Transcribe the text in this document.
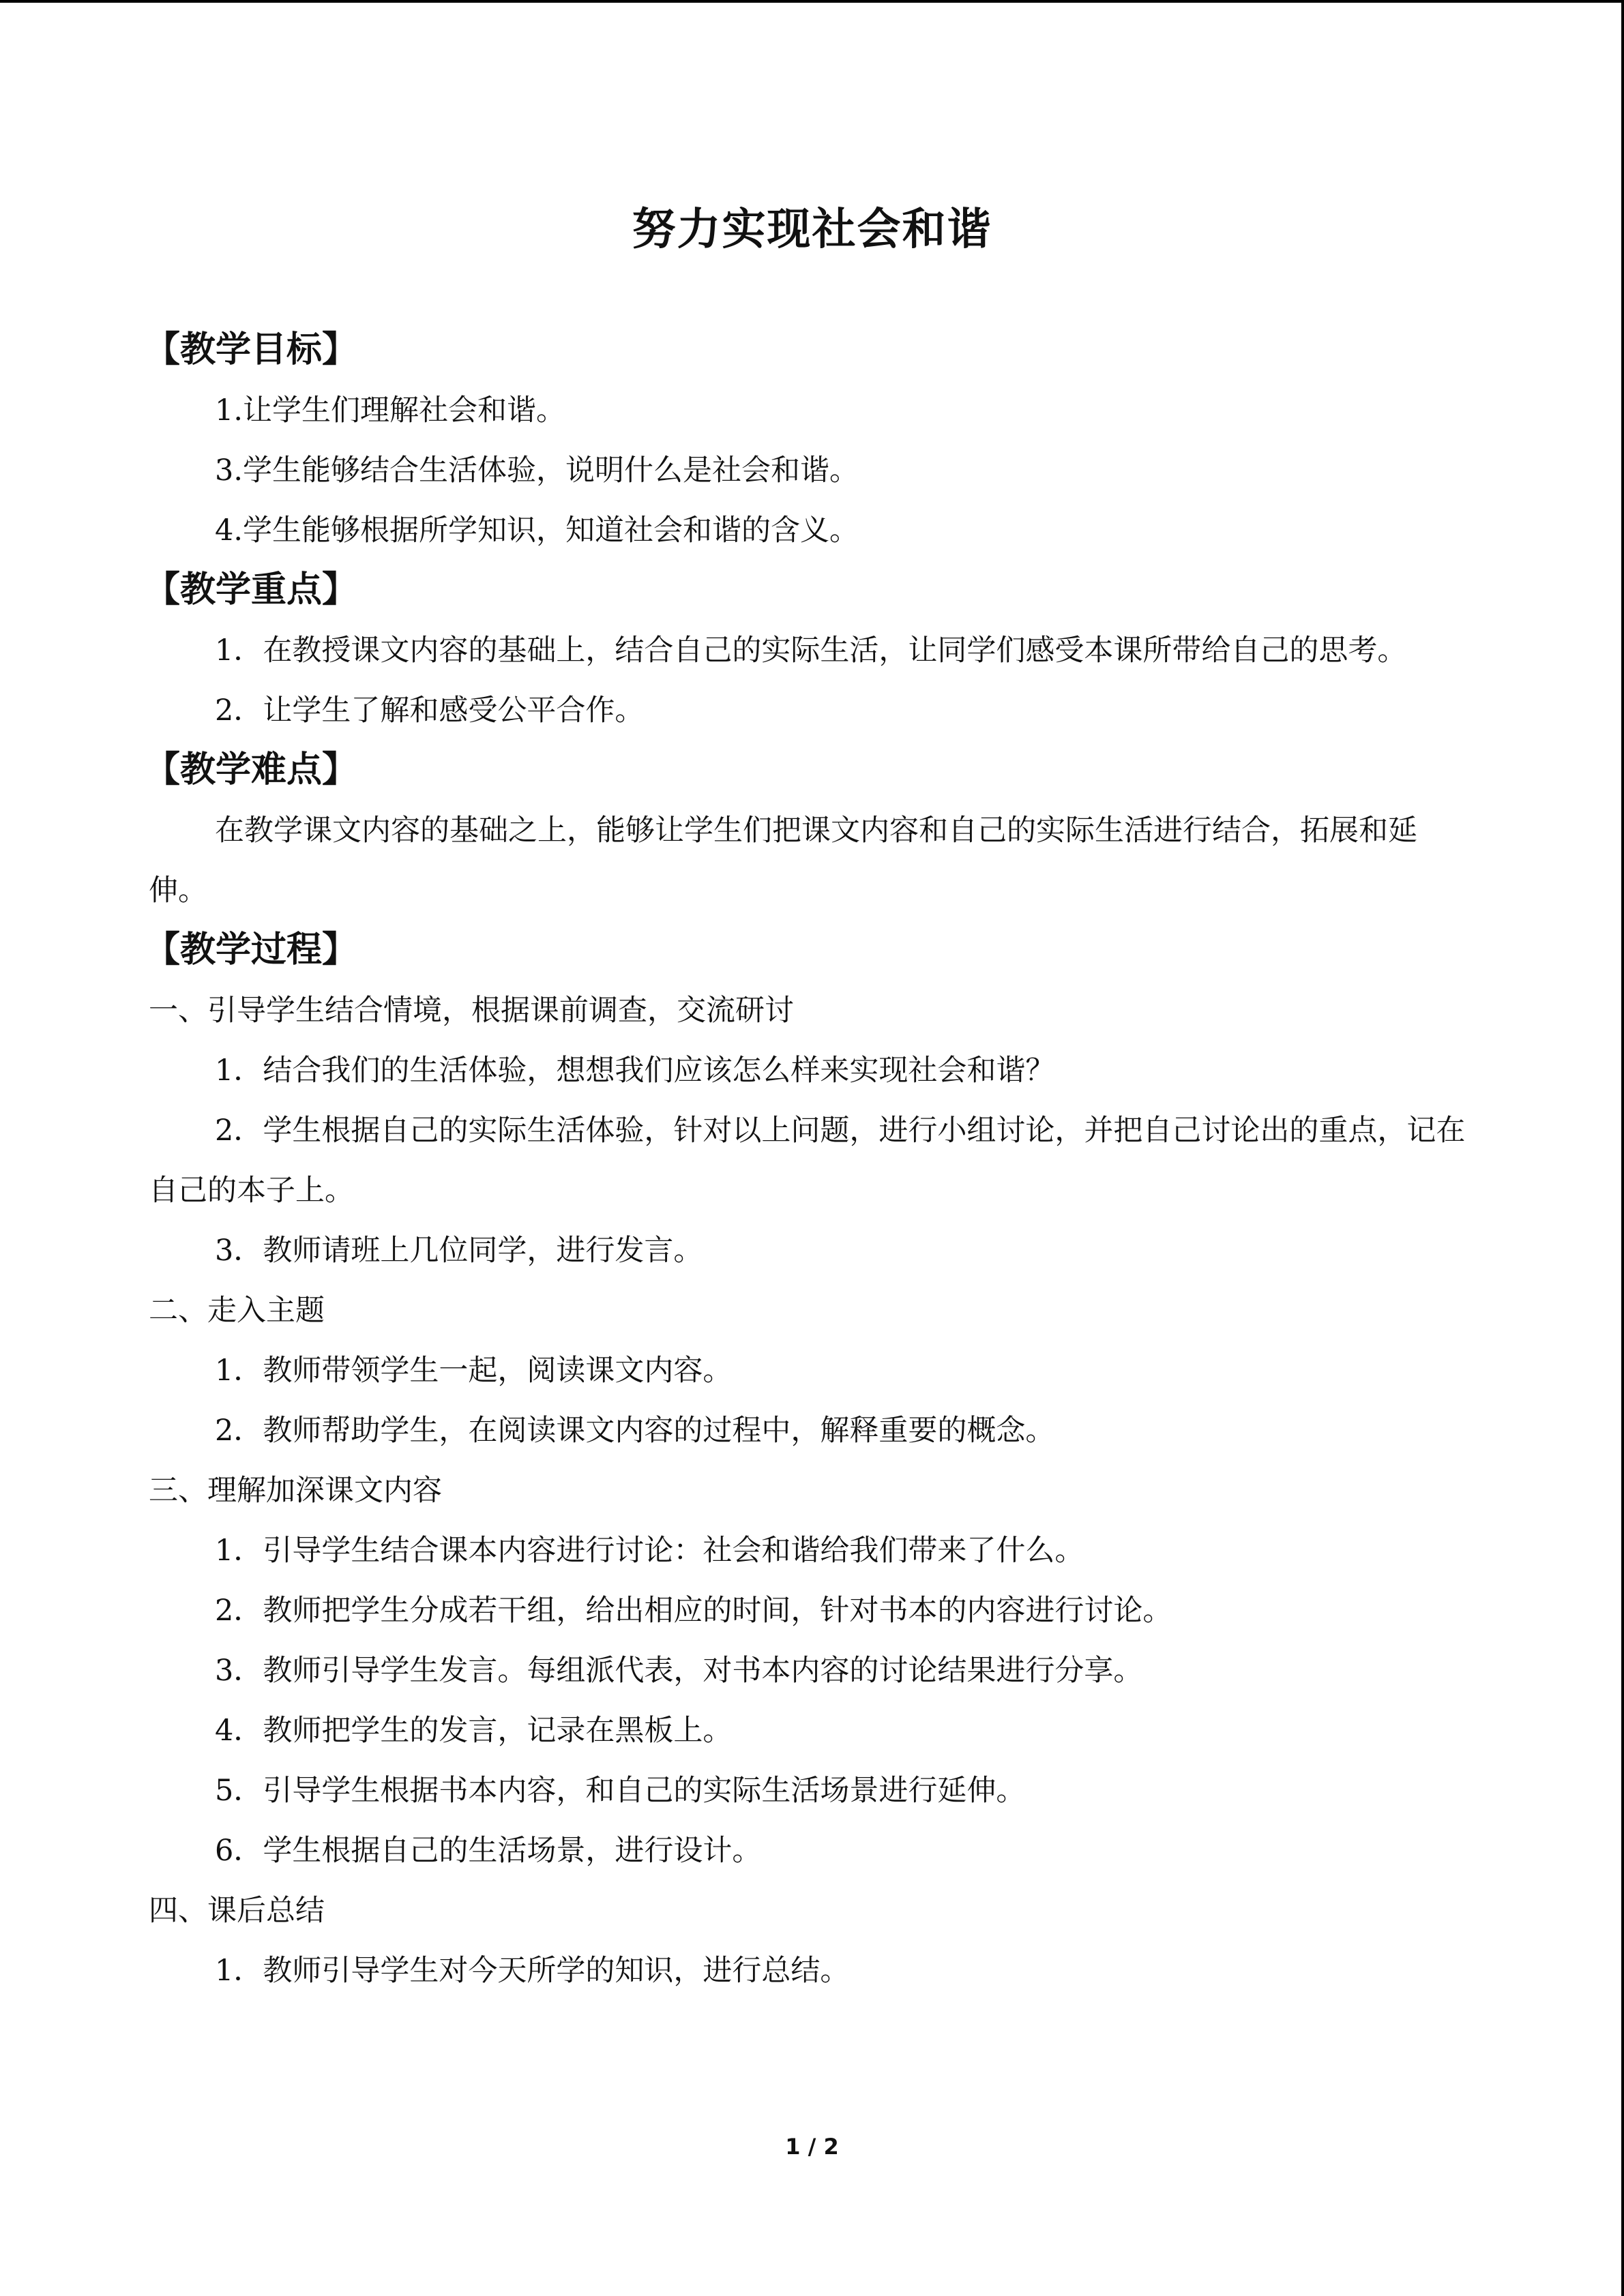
努力实现社会和谐
【教学目标】
1.让学生们理解社会和谐。
3.学生能够结合生活体验，说明什么是社会和谐。
4.学生能够根据所学知识，知道社会和谐的含义。
【教学重点】
1．在教授课文内容的基础上，结合自己的实际生活，让同学们感受本课所带给自己的思考。
2．让学生了解和感受公平合作。
【教学难点】
在教学课文内容的基础之上，能够让学生们把课文内容和自己的实际生活进行结合，拓展和延伸。
【教学过程】
一、引导学生结合情境，根据课前调查，交流研讨
1．结合我们的生活体验，想想我们应该怎么样来实现社会和谐？
2．学生根据自己的实际生活体验，针对以上问题，进行小组讨论，并把自己讨论出的重点，记在自己的本子上。
3．教师请班上几位同学，进行发言。
二、走入主题
1．教师带领学生一起，阅读课文内容。
2．教师帮助学生，在阅读课文内容的过程中，解释重要的概念。
三、理解加深课文内容
1．引导学生结合课本内容进行讨论：社会和谐给我们带来了什么。
2．教师把学生分成若干组，给出相应的时间，针对书本的内容进行讨论。
3．教师引导学生发言。每组派代表，对书本内容的讨论结果进行分享。
4．教师把学生的发言，记录在黑板上。
5．引导学生根据书本内容，和自己的实际生活场景进行延伸。
6．学生根据自己的生活场景，进行设计。
四、课后总结
1．教师引导学生对今天所学的知识，进行总结。
1 / 2
